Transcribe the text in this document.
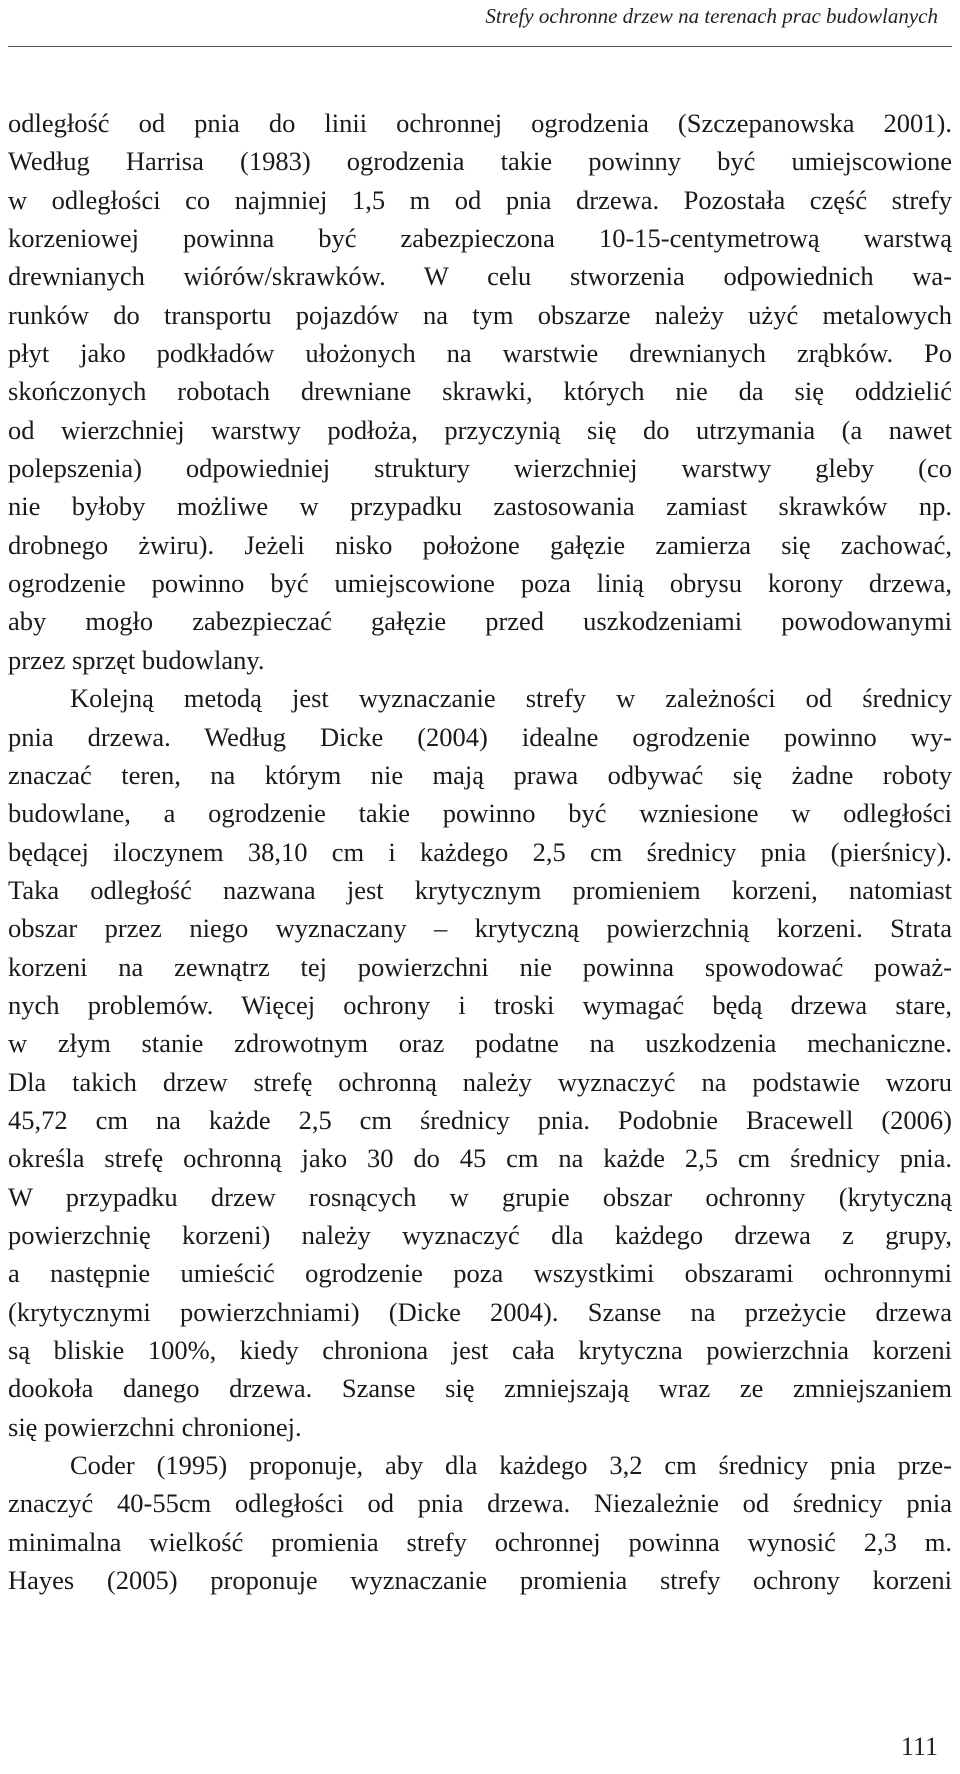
Strefy ochronne drzew na terenach prac budowlanych
odległość od pnia do linii ochronnej ogrodzenia (Szczepanowska 2001).
Według Harrisa (1983) ogrodzenia takie powinny być umiejscowione
w odległości co najmniej 1,5 m od pnia drzewa. Pozostała część strefy
korzeniowej powinna być zabezpieczona 10-15-centymetrową warstwą
drewnianych wiórów/skrawków. W celu stworzenia odpowiednich wa-
runków do transportu pojazdów na tym obszarze należy użyć metalowych
płyt jako podkładów ułożonych na warstwie drewnianych zrąbków. Po
skończonych robotach drewniane skrawki, których nie da się oddzielić
od wierzchniej warstwy podłoża, przyczynią się do utrzymania (a nawet
polepszenia) odpowiedniej struktury wierzchniej warstwy gleby (co
nie byłoby możliwe w przypadku zastosowania zamiast skrawków np.
drobnego żwiru). Jeżeli nisko położone gałęzie zamierza się zachować,
ogrodzenie powinno być umiejscowione poza linią obrysu korony drzewa,
aby mogło zabezpieczać gałęzie przed uszkodzeniami powodowanymi
przez sprzęt budowlany.
Kolejną metodą jest wyznaczanie strefy w zależności od średnicy
pnia drzewa. Według Dicke (2004) idealne ogrodzenie powinno wy-
znaczać teren, na którym nie mają prawa odbywać się żadne roboty
budowlane, a ogrodzenie takie powinno być wzniesione w odległości
będącej iloczynem 38,10 cm i każdego 2,5 cm średnicy pnia (pierśnicy).
Taka odległość nazwana jest krytycznym promieniem korzeni, natomiast
obszar przez niego wyznaczany – krytyczną powierzchnią korzeni. Strata
korzeni na zewnątrz tej powierzchni nie powinna spowodować poważ-
nych problemów. Więcej ochrony i troski wymagać będą drzewa stare,
w złym stanie zdrowotnym oraz podatne na uszkodzenia mechaniczne.
Dla takich drzew strefę ochronną należy wyznaczyć na podstawie wzoru
45,72 cm na każde 2,5 cm średnicy pnia. Podobnie Bracewell (2006)
określa strefę ochronną jako 30 do 45 cm na każde 2,5 cm średnicy pnia.
W przypadku drzew rosnących w grupie obszar ochronny (krytyczną
powierzchnię korzeni) należy wyznaczyć dla każdego drzewa z grupy,
a następnie umieścić ogrodzenie poza wszystkimi obszarami ochronnymi
(krytycznymi powierzchniami) (Dicke 2004). Szanse na przeżycie drzewa
są bliskie 100%, kiedy chroniona jest cała krytyczna powierzchnia korzeni
dookoła danego drzewa. Szanse się zmniejszają wraz ze zmniejszaniem
się powierzchni chronionej.
Coder (1995) proponuje, aby dla każdego 3,2 cm średnicy pnia prze-
znaczyć 40-55cm odległości od pnia drzewa. Niezależnie od średnicy pnia
minimalna wielkość promienia strefy ochronnej powinna wynosić 2,3 m.
Hayes (2005) proponuje wyznaczanie promienia strefy ochrony korzeni
111
